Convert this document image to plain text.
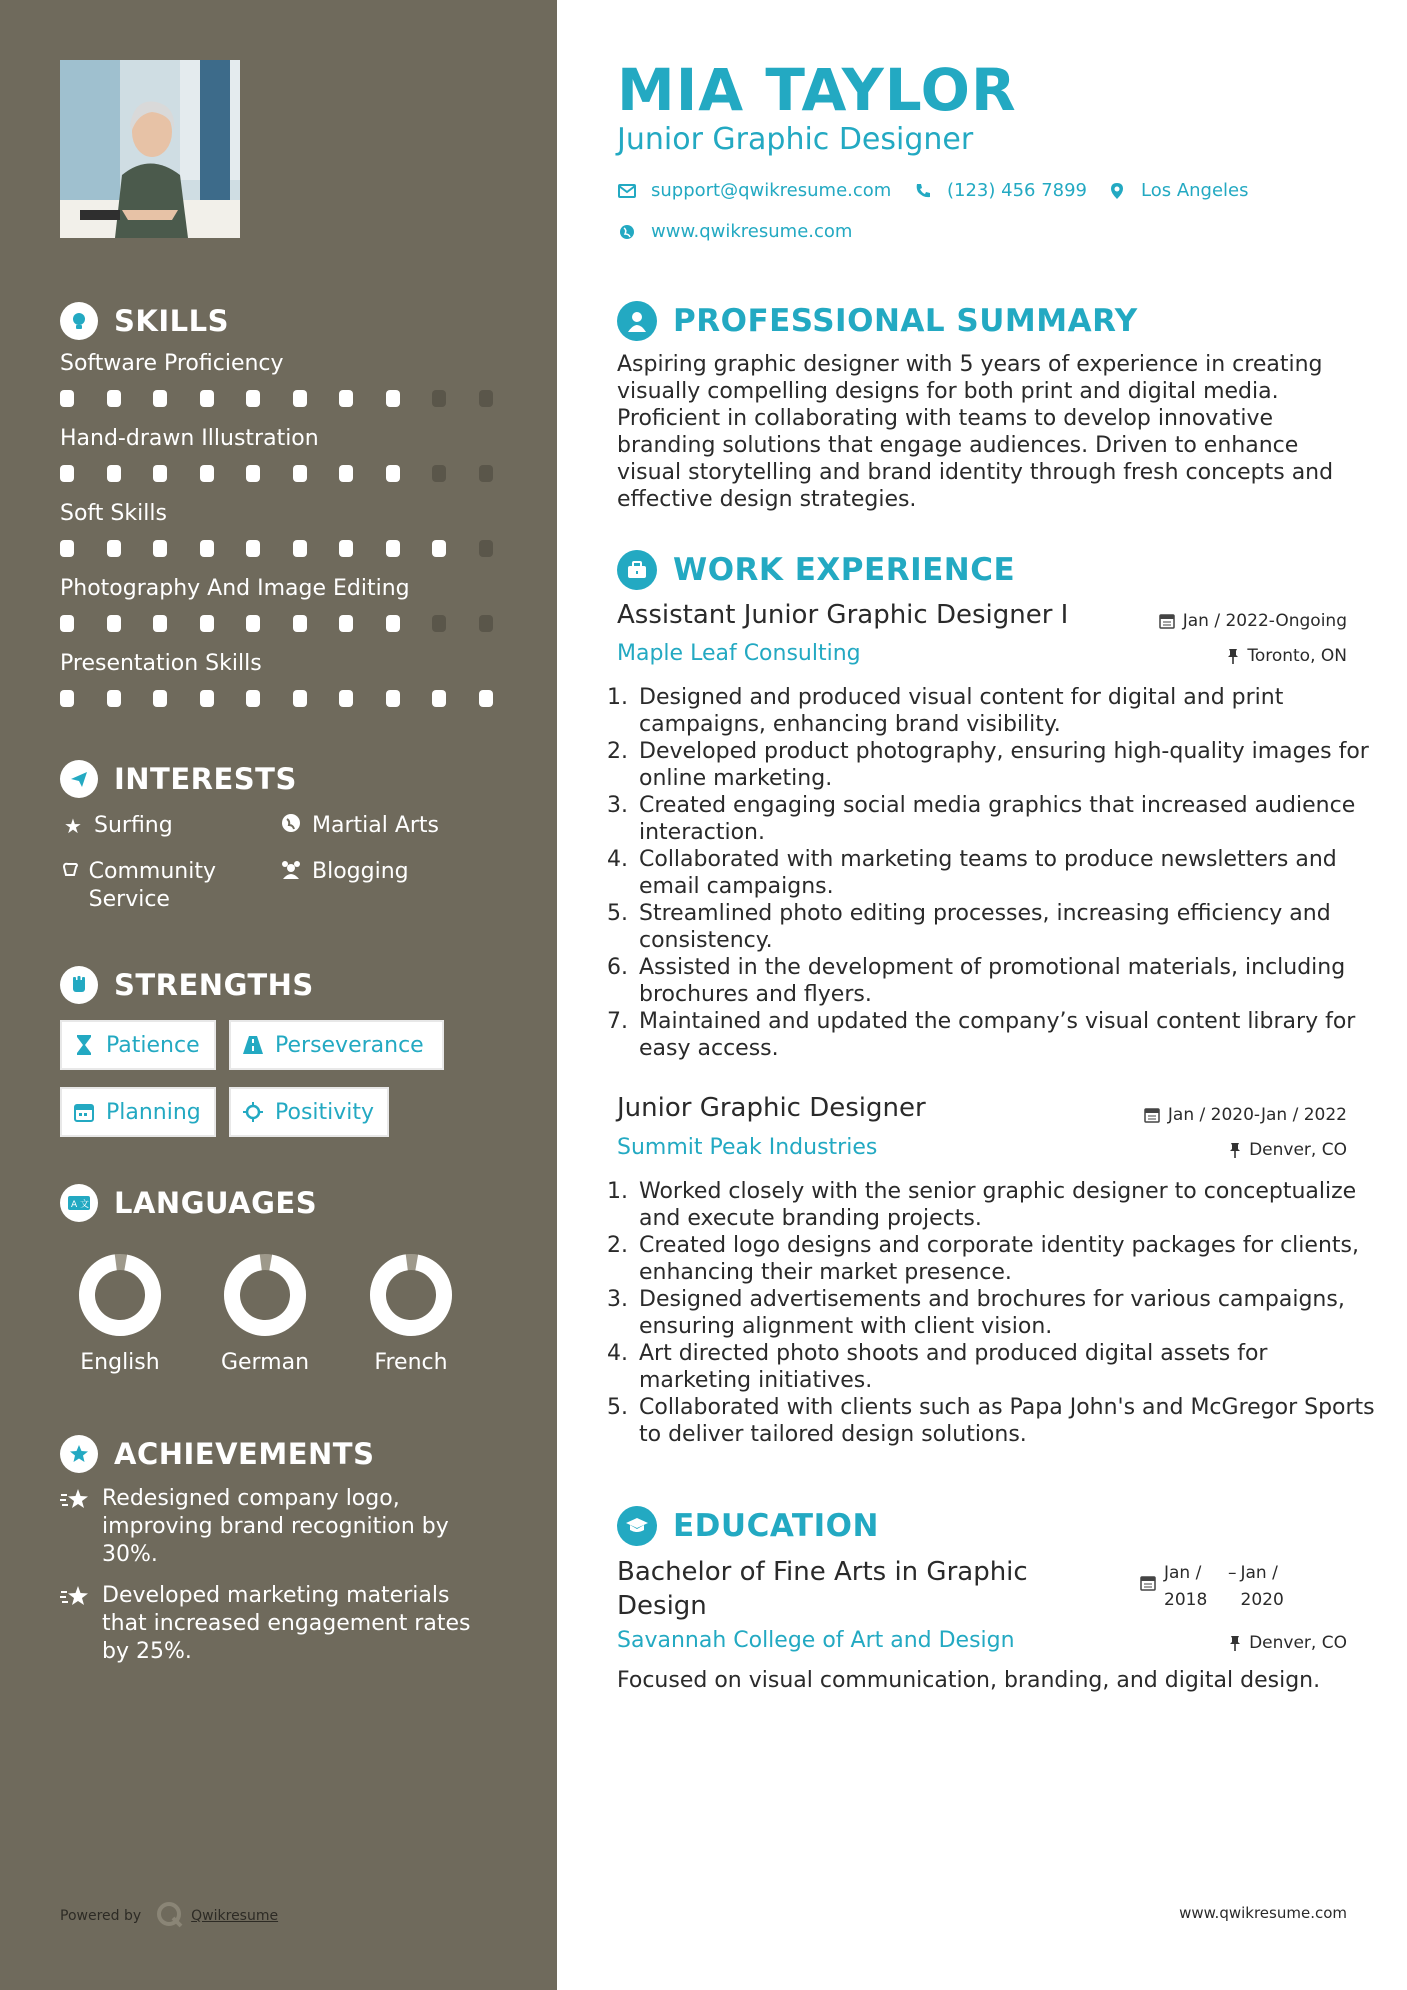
SKILLS
Software Proficiency
Hand-drawn Illustration
Soft Skills
Photography And Image Editing
Presentation Skills
INTERESTS
★ Surfing	Martial Arts
Community Service
Blogging
STRENGTHS
Patience	Perseverance
Planning	Positivity
A 文 LANGUAGES
English	German	French
ACHIEVEMENTS
Redesigned company logo, improving brand recognition by 30%.
Developed marketing materials that increased engagement rates by 25%.
Powered by	Qwikresume
MIA TAYLOR
Junior Graphic Designer
support@qwikresume.com	(123) 456 7899	Los Angeles
www.qwikresume.com
PROFESSIONAL SUMMARY
Aspiring graphic designer with 5 years of experience in creating visually compelling designs for both print and digital media. Proficient in collaborating with teams to develop innovative branding solutions that engage audiences. Driven to enhance visual storytelling and brand identity through fresh concepts and effective design strategies.
WORK EXPERIENCE
Assistant Junior Graphic Designer I	Jan / 2022-Ongoing
Maple Leaf Consulting	Toronto, ON
1. Designed and produced visual content for digital and print campaigns, enhancing brand visibility.
2. Developed product photography, ensuring high-quality images for online marketing.
3. Created engaging social media graphics that increased audience interaction.
4. Collaborated with marketing teams to produce newsletters and email campaigns.
5. Streamlined photo editing processes, increasing efficiency and consistency.
6. Assisted in the development of promotional materials, including brochures and flyers.
7. Maintained and updated the company’s visual content library for easy access.
Junior Graphic Designer	Jan / 2020-Jan / 2022
Summit Peak Industries	Denver, CO
1. Worked closely with the senior graphic designer to conceptualize and execute branding projects.
2. Created logo designs and corporate identity packages for clients, enhancing their market presence.
3. Designed advertisements and brochures for various campaigns, ensuring alignment with client vision.
4. Art directed photo shoots and produced digital assets for marketing initiatives.
5. Collaborated with clients such as Papa John's and McGregor Sports to deliver tailored design solutions.
EDUCATION
Bachelor of Fine Arts in Graphic Design
Jan / 2018
– Jan / 2020
Savannah College of Art and Design	Denver, CO
Focused on visual communication, branding, and digital design.
www.qwikresume.com
